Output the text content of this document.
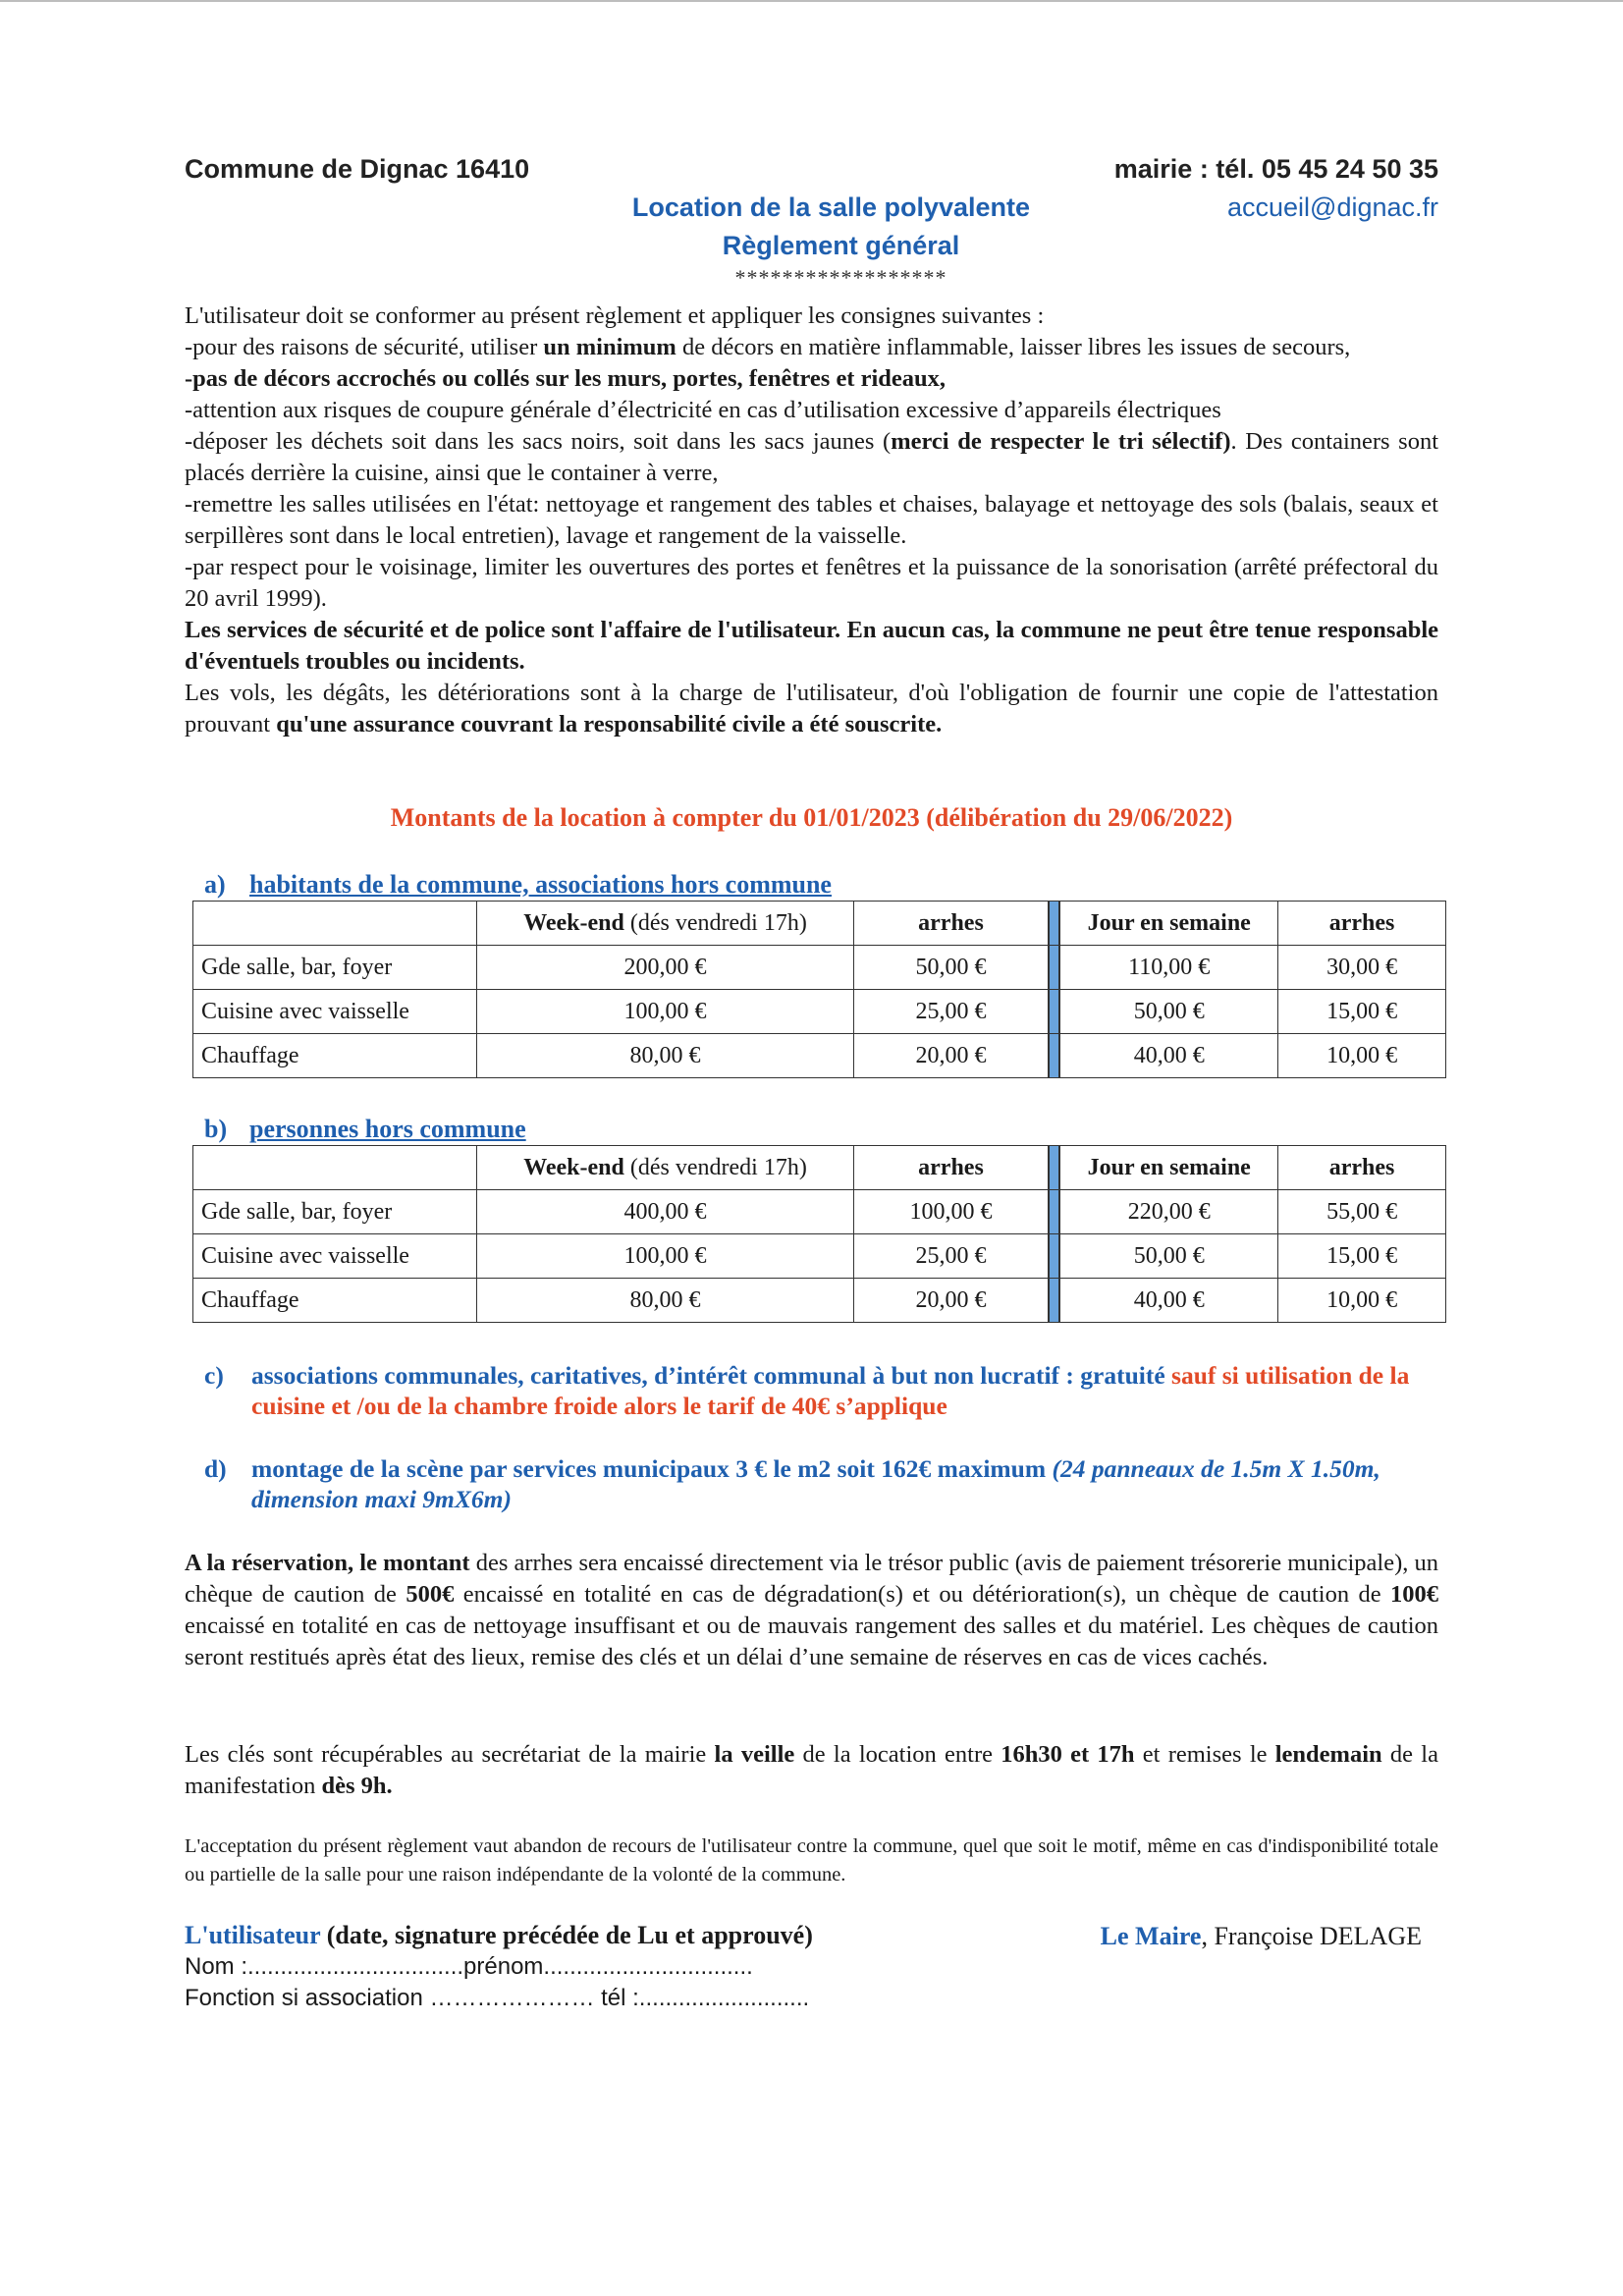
Commune de Dignac 16410	mairie : tél. 05 45 24 50 35
accueil@dignac.fr
Location de la salle polyvalente
Règlement général
******************
L'utilisateur doit se conformer au présent règlement et appliquer les consignes suivantes :
-pour des raisons de sécurité, utiliser un minimum de décors en matière inflammable, laisser libres les issues de secours,
-pas de décors accrochés ou collés sur les murs, portes, fenêtres et rideaux,
-attention aux risques de coupure générale d’électricité en cas d’utilisation excessive d’appareils électriques
-déposer les déchets soit dans les sacs noirs, soit dans les sacs jaunes (merci de respecter le tri sélectif). Des containers sont placés derrière la cuisine, ainsi que le container à verre,
-remettre les salles utilisées en l'état: nettoyage et rangement des tables et chaises, balayage et nettoyage des sols (balais, seaux et serpillères sont dans le local entretien), lavage et rangement de la vaisselle.
-par respect pour le voisinage, limiter les ouvertures des portes et fenêtres et la puissance de la sonorisation (arrêté préfectoral du 20 avril 1999).
Les services de sécurité et de police sont l'affaire de l'utilisateur. En aucun cas, la commune ne peut être tenue responsable d'éventuels troubles ou incidents.
Les vols, les dégâts, les détériorations sont à la charge de l'utilisateur, d'où l'obligation de fournir une copie de l'attestation prouvant qu'une assurance couvrant la responsabilité civile a été souscrite.
Montants de la location à compter du 01/01/2023 (délibération du 29/06/2022)
a) habitants de la commune, associations hors commune
	Week-end (dés vendredi 17h)	arrhes		Jour en semaine	arrhes
Gde salle, bar, foyer	200,00 €	50,00 €		110,00 €	30,00 €
Cuisine avec vaisselle	100,00 €	25,00 €		50,00 €	15,00 €
Chauffage	80,00 €	20,00 €		40,00 €	10,00 €
b) personnes hors commune
	Week-end (dés vendredi 17h)	arrhes		Jour en semaine	arrhes
Gde salle, bar, foyer	400,00 €	100,00 €		220,00 €	55,00 €
Cuisine avec vaisselle	100,00 €	25,00 €		50,00 €	15,00 €
Chauffage	80,00 €	20,00 €		40,00 €	10,00 €
c) associations communales, caritatives, d’intérêt communal à but non lucratif : gratuité sauf si utilisation de la cuisine et /ou de la chambre froide alors le tarif de 40€ s’applique
d) montage de la scène par services municipaux 3 € le m2 soit 162€ maximum (24 panneaux de 1.5m X 1.50m, dimension maxi 9mX6m)
A la réservation, le montant des arrhes sera encaissé directement via le trésor public (avis de paiement trésorerie municipale), un chèque de caution de 500€ encaissé en totalité en cas de dégradation(s) et ou détérioration(s), un chèque de caution de 100€ encaissé en totalité en cas de nettoyage insuffisant et ou de mauvais rangement des salles et du matériel. Les chèques de caution seront restitués après état des lieux, remise des clés et un délai d’une semaine de réserves en cas de vices cachés.
Les clés sont récupérables au secrétariat de la mairie la veille de la location entre 16h30 et 17h et remises le lendemain de la manifestation dès 9h.
L'acceptation du présent règlement vaut abandon de recours de l'utilisateur contre la commune, quel que soit le motif, même en cas d'indisponibilité totale ou partielle de la salle pour une raison indépendante de la volonté de la commune.
L'utilisateur (date, signature précédée de Lu et approuvé)
Nom :.................................prénom................................
Fonction si association ………………… tél :..........................
Le Maire, Françoise DELAGE
